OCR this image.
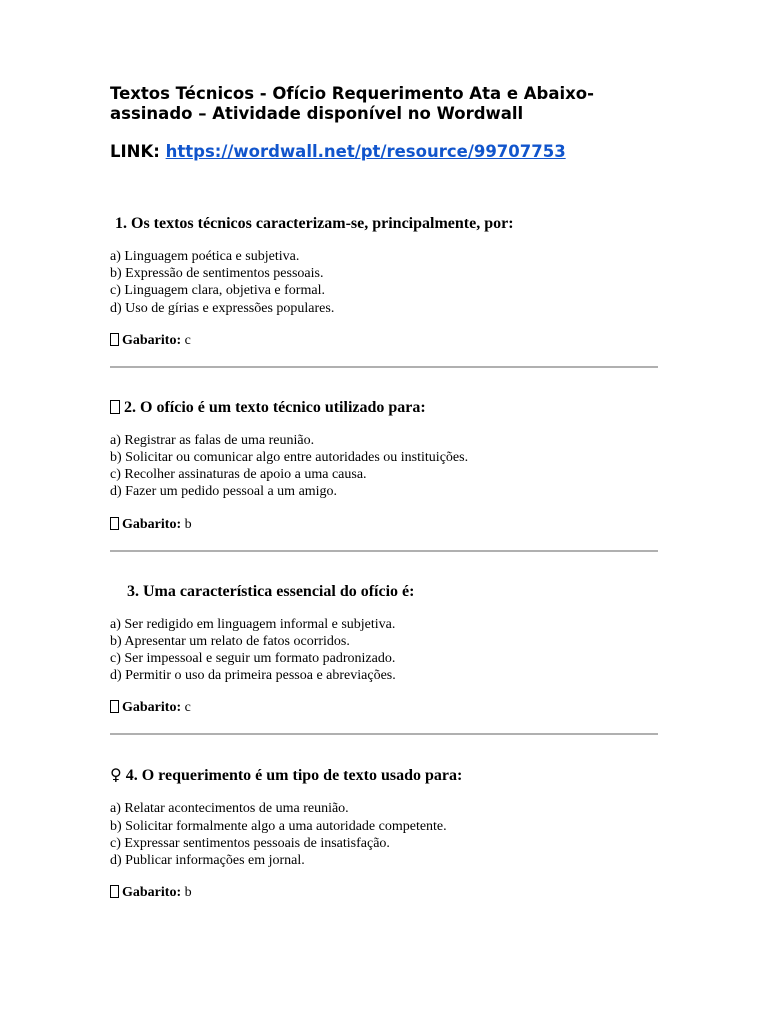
Textos Técnicos - Ofício Requerimento Ata e Abaixo-assinado – Atividade disponível no Wordwall
LINK: https://wordwall.net/pt/resource/99707753

1. Os textos técnicos caracterizam-se, principalmente, por:

a) Linguagem poética e subjetiva.
b) Expressão de sentimentos pessoais.
c) Linguagem clara, objetiva e formal.
d) Uso de gírias e expressões populares.
Gabarito: c

2. O ofício é um texto técnico utilizado para:

a) Registrar as falas de uma reunião.
b) Solicitar ou comunicar algo entre autoridades ou instituições.
c) Recolher assinaturas de apoio a uma causa.
d) Fazer um pedido pessoal a um amigo.
Gabarito: b

3. Uma característica essencial do ofício é:

a) Ser redigido em linguagem informal e subjetiva.
b) Apresentar um relato de fatos ocorridos.
c) Ser impessoal e seguir um formato padronizado.
d) Permitir o uso da primeira pessoa e abreviações.
Gabarito: c

♀ 4. O requerimento é um tipo de texto usado para:

a) Relatar acontecimentos de uma reunião.
b) Solicitar formalmente algo a uma autoridade competente.
c) Expressar sentimentos pessoais de insatisfação.
d) Publicar informações em jornal.
Gabarito: b
